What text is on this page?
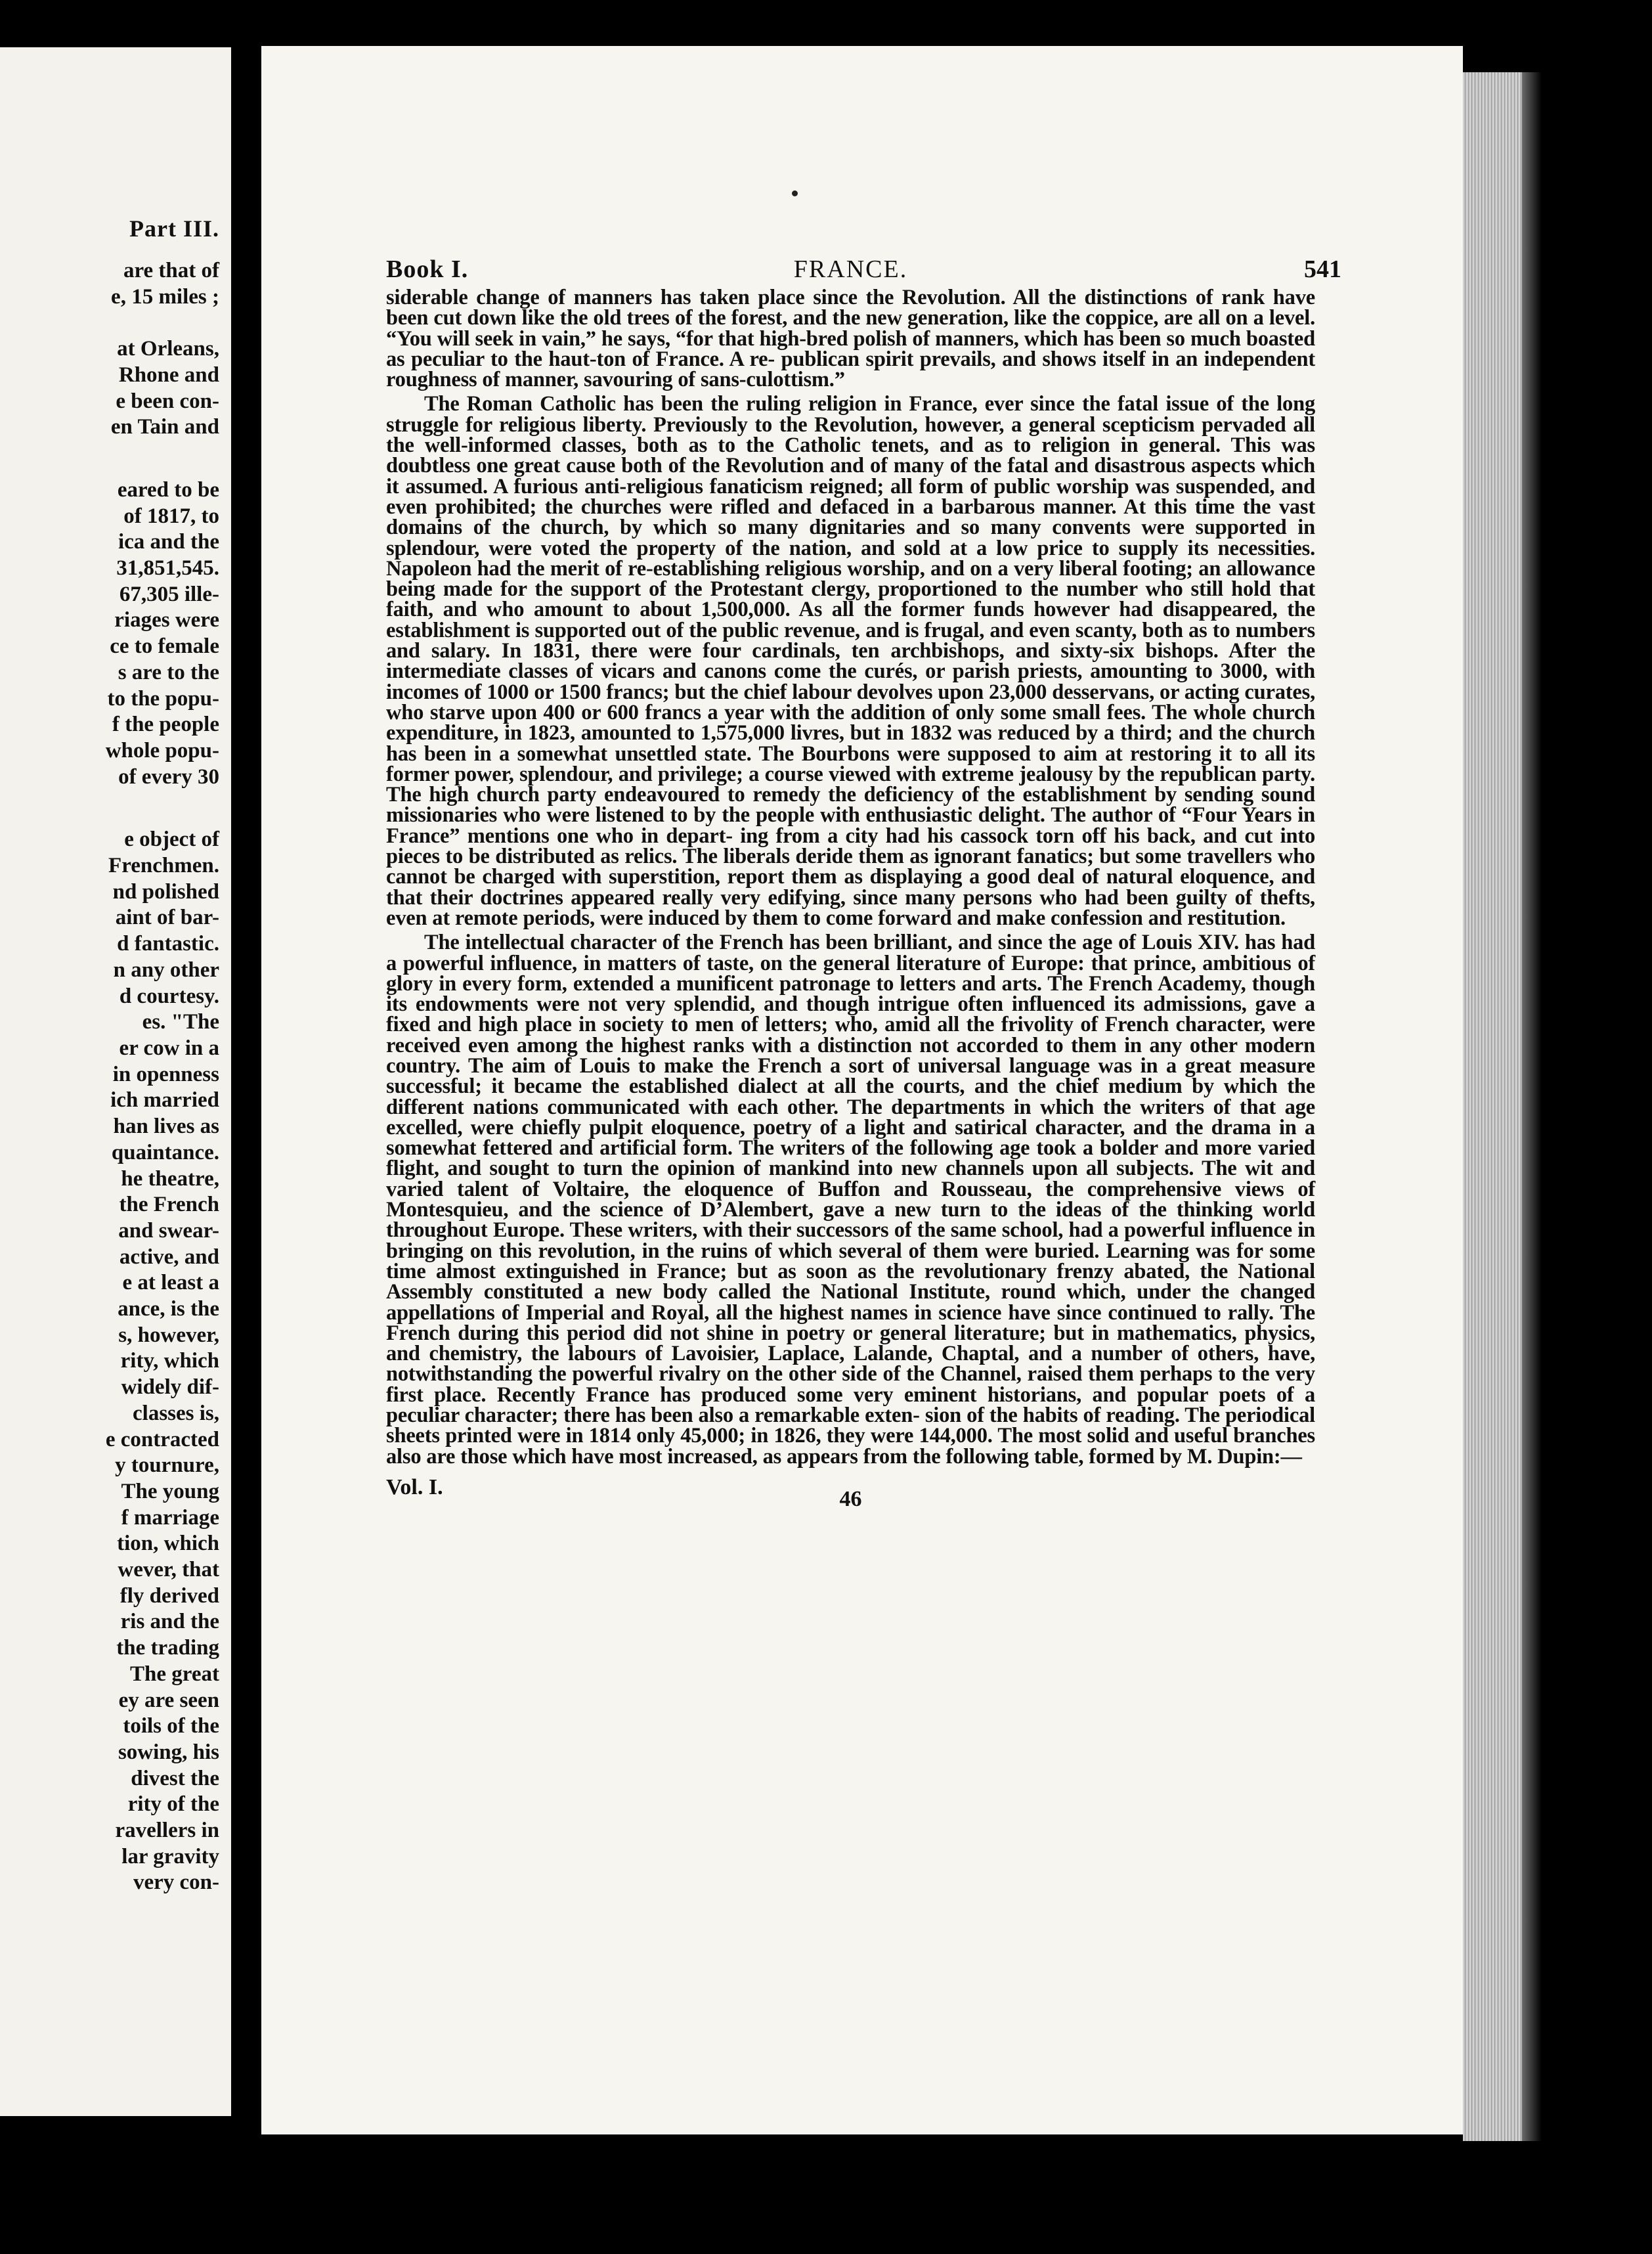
Part III.
are that of
e, 15 miles ;

at Orleans,
Rhone and
e been con-
en Tain and
eared to be
of 1817, to
ica and the
31,851,545.
67,305 ille-
riages were
ce to female
s are to the
to the popu-
f the people
whole popu-
of every 30
e object of
Frenchmen.
nd polished
aint of bar-
d fantastic.
n any other
d courtesy.
es. "The
er cow in a
in openness
ich married
han lives as
quaintance.
he theatre,
the French
and swear-
active, and
e at least a
ance, is the
s, however,
rity, which
widely dif-
classes is,
e contracted
y tournure,
The young
f marriage
tion, which
wever, that
fly derived
ris and the
the trading
The great
ey are seen
toils of the
sowing, his
divest the
rity of the
ravellers in
lar gravity
very con-
Book I.	FRANCE.	541

siderable change of manners has taken place since the Revolution. All the distinctions of rank have been cut down like the old trees of the forest, and the new generation, like the coppice, are all on a level. “You will seek in vain,” he says, “for that high-bred polish of manners, which has been so much boasted as peculiar to the haut-ton of France. A re- publican spirit prevails, and shows itself in an independent roughness of manner, savouring of sans-culottism.”

The Roman Catholic has been the ruling religion in France, ever since the fatal issue of the long struggle for religious liberty. Previously to the Revolution, however, a general scepticism pervaded all the well-informed classes, both as to the Catholic tenets, and as to religion in general. This was doubtless one great cause both of the Revolution and of many of the fatal and disastrous aspects which it assumed. A furious anti-religious fanaticism reigned; all form of public worship was suspended, and even prohibited; the churches were rifled and defaced in a barbarous manner. At this time the vast domains of the church, by which so many dignitaries and so many convents were supported in splendour, were voted the property of the nation, and sold at a low price to supply its necessities. Napoleon had the merit of re-establishing religious worship, and on a very liberal footing; an allowance being made for the support of the Protestant clergy, proportioned to the number who still hold that faith, and who amount to about 1,500,000. As all the former funds however had disappeared, the establishment is supported out of the public revenue, and is frugal, and even scanty, both as to numbers and salary. In 1831, there were four cardinals, ten archbishops, and sixty-six bishops. After the intermediate classes of vicars and canons come the curés, or parish priests, amounting to 3000, with incomes of 1000 or 1500 francs; but the chief labour devolves upon 23,000 desservans, or acting curates, who starve upon 400 or 600 francs a year with the addition of only some small fees. The whole church expenditure, in 1823, amounted to 1,575,000 livres, but in 1832 was reduced by a third; and the church has been in a somewhat unsettled state. The Bourbons were supposed to aim at restoring it to all its former power, splendour, and privilege; a course viewed with extreme jealousy by the republican party. The high church party endeavoured to remedy the deficiency of the establishment by sending sound missionaries who were listened to by the people with enthusiastic delight. The author of “Four Years in France” mentions one who in depart- ing from a city had his cassock torn off his back, and cut into pieces to be distributed as relics. The liberals deride them as ignorant fanatics; but some travellers who cannot be charged with superstition, report them as displaying a good deal of natural eloquence, and that their doctrines appeared really very edifying, since many persons who had been guilty of thefts, even at remote periods, were induced by them to come forward and make confession and restitution.

The intellectual character of the French has been brilliant, and since the age of Louis XIV. has had a powerful influence, in matters of taste, on the general literature of Europe: that prince, ambitious of glory in every form, extended a munificent patronage to letters and arts. The French Academy, though its endowments were not very splendid, and though intrigue often influenced its admissions, gave a fixed and high place in society to men of letters; who, amid all the frivolity of French character, were received even among the highest ranks with a distinction not accorded to them in any other modern country. The aim of Louis to make the French a sort of universal language was in a great measure successful; it became the established dialect at all the courts, and the chief medium by which the different nations communicated with each other. The departments in which the writers of that age excelled, were chiefly pulpit eloquence, poetry of a light and satirical character, and the drama in a somewhat fettered and artificial form. The writers of the following age took a bolder and more varied flight, and sought to turn the opinion of mankind into new channels upon all subjects. The wit and varied talent of Voltaire, the eloquence of Buffon and Rousseau, the comprehensive views of Montesquieu, and the science of D’Alembert, gave a new turn to the ideas of the thinking world throughout Europe. These writers, with their successors of the same school, had a powerful influence in bringing on this revolution, in the ruins of which several of them were buried. Learning was for some time almost extinguished in France; but as soon as the revolutionary frenzy abated, the National Assembly constituted a new body called the National Institute, round which, under the changed appellations of Imperial and Royal, all the highest names in science have since continued to rally. The French during this period did not shine in poetry or general literature; but in mathematics, physics, and chemistry, the labours of Lavoisier, Laplace, Lalande, Chaptal, and a number of others, have, notwithstanding the powerful rivalry on the other side of the Channel, raised them perhaps to the very first place. Recently France has produced some very eminent historians, and popular poets of a peculiar character; there has been also a remarkable exten- sion of the habits of reading. The periodical sheets printed were in 1814 only 45,000; in 1826, they were 144,000. The most solid and useful branches also are those which have most increased, as appears from the following table, formed by M. Dupin:—

Vol. I.	46
